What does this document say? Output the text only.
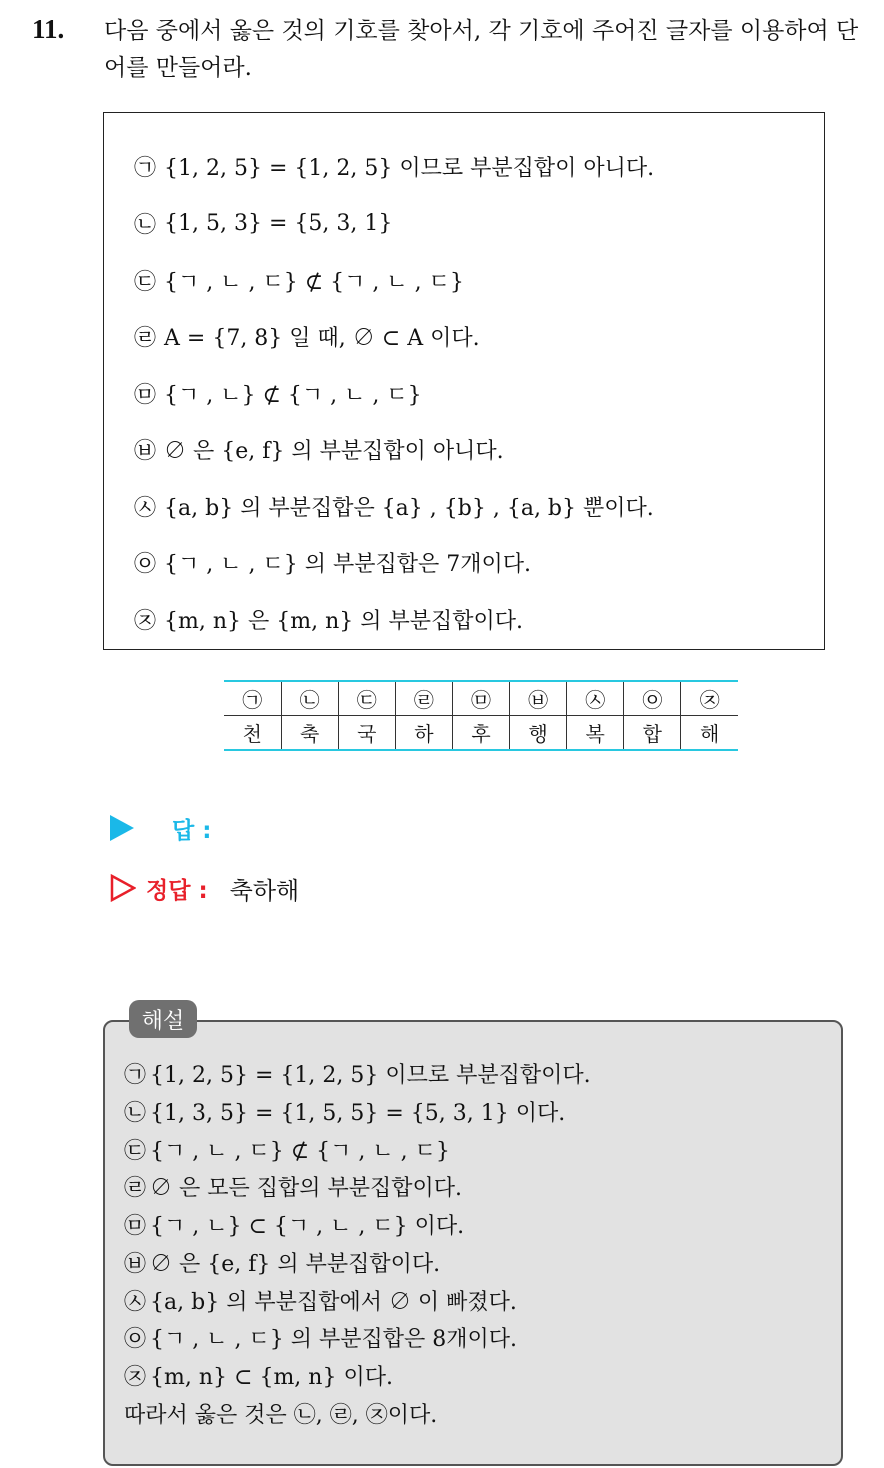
11. 다음 중에서 옳은 것의 기호를 찾아서, 각 기호에 주어진 글자를 이용하여 단어를 만들어라.
㉠ {1, 2, 5} = {1, 2, 5} 이므로 부분집합이 아니다.
㉡ {1, 5, 3} = {5, 3, 1}
㉢ {ㄱ , ㄴ , ㄷ} ⊄ {ㄱ , ㄴ , ㄷ}
㉣ A = {7, 8} 일 때, ∅ ⊂ A 이다.
㉤ {ㄱ , ㄴ} ⊄ {ㄱ , ㄴ , ㄷ}
㉥ ∅ 은 {e, f} 의 부분집합이 아니다.
㉦ {a, b} 의 부분집합은 {a} , {b} , {a, b} 뿐이다.
㉧ {ㄱ , ㄴ , ㄷ} 의 부분집합은 7개이다.
㉨ {m, n} 은 {m, n} 의 부분집합이다.
㉠	㉡	㉢	㉣	㉤	㉥	㉦	㉧	㉨
천	축	국	하	후	행	복	합	해
답 :
정답 : 축하해
해설
㉠ {1, 2, 5} = {1, 2, 5} 이므로 부분집합이다.
㉡ {1, 3, 5} = {1, 5, 5} = {5, 3, 1} 이다.
㉢ {ㄱ , ㄴ , ㄷ} ⊄ {ㄱ , ㄴ , ㄷ}
㉣ ∅ 은 모든 집합의 부분집합이다.
㉤ {ㄱ , ㄴ} ⊂ {ㄱ , ㄴ , ㄷ} 이다.
㉥ ∅ 은 {e, f} 의 부분집합이다.
㉦ {a, b} 의 부분집합에서 ∅ 이 빠졌다.
㉧ {ㄱ , ㄴ , ㄷ} 의 부분집합은 8개이다.
㉨ {m, n} ⊂ {m, n} 이다.
따라서 옳은 것은 ㉡, ㉣, ㉨이다.
